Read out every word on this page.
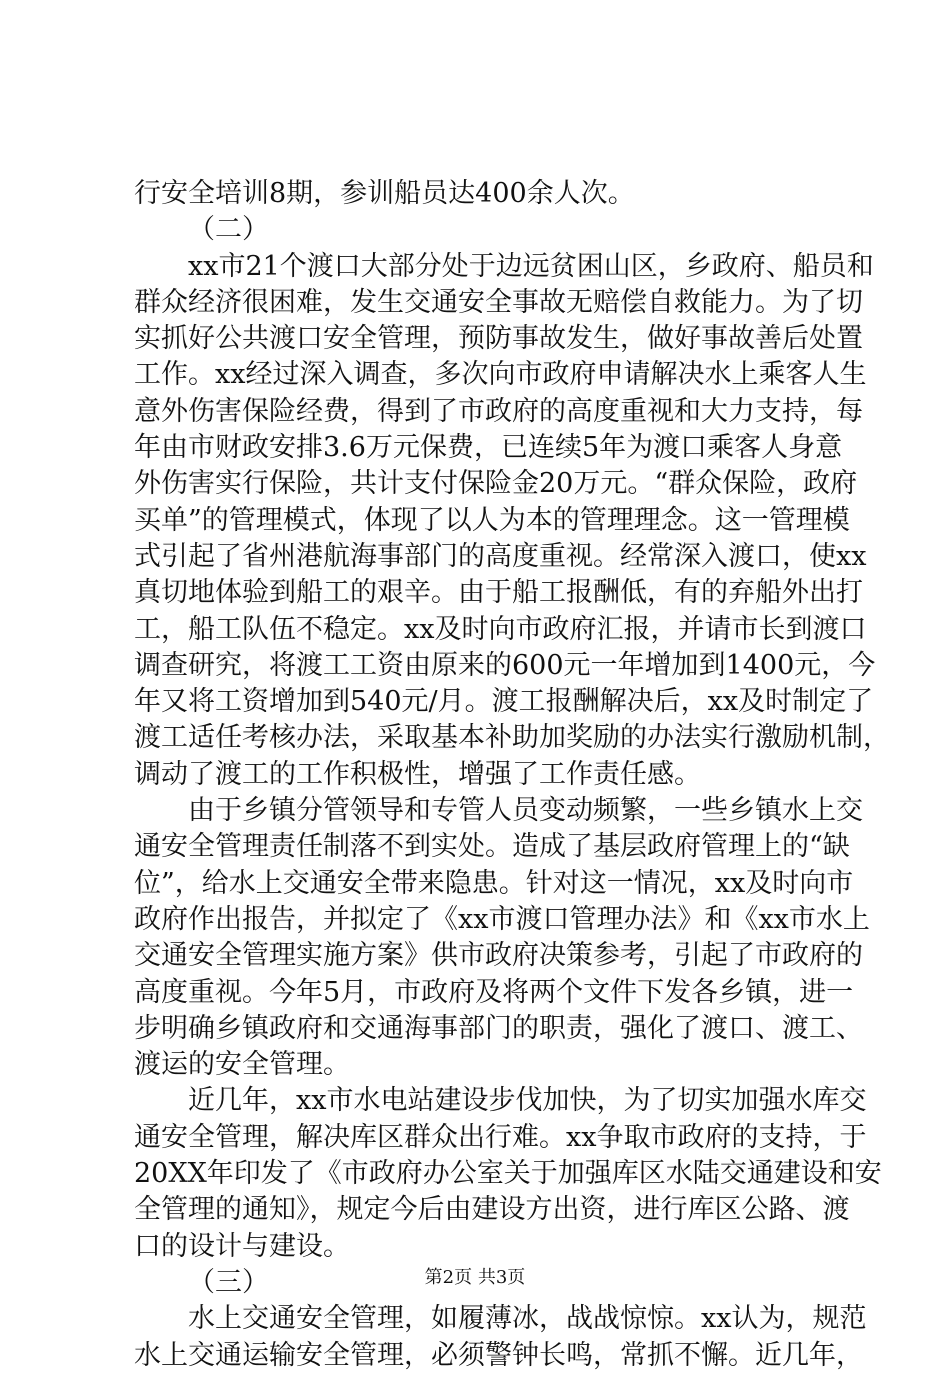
行安全培训8期，参训船员达400余人次。
（二）
xx市21个渡口大部分处于边远贫困山区，乡政府、船员和
群众经济很困难，发生交通安全事故无赔偿自救能力。为了切
实抓好公共渡口安全管理，预防事故发生，做好事故善后处置
工作。xx经过深入调查，多次向市政府申请解决水上乘客人生
意外伤害保险经费，得到了市政府的高度重视和大力支持，每
年由市财政安排3.6万元保费，已连续5年为渡口乘客人身意
外伤害实行保险，共计支付保险金20万元。“群众保险，政府
买单”的管理模式，体现了以人为本的管理理念。这一管理模
式引起了省州港航海事部门的高度重视。经常深入渡口，使xx
真切地体验到船工的艰辛。由于船工报酬低，有的弃船外出打
工，船工队伍不稳定。xx及时向市政府汇报，并请市长到渡口
调查研究，将渡工工资由原来的600元一年增加到1400元，今
年又将工资增加到540元/月。渡工报酬解决后，xx及时制定了
渡工适任考核办法，采取基本补助加奖励的办法实行激励机制，
调动了渡工的工作积极性，增强了工作责任感。
由于乡镇分管领导和专管人员变动频繁，一些乡镇水上交
通安全管理责任制落不到实处。造成了基层政府管理上的“缺
位”，给水上交通安全带来隐患。针对这一情况，xx及时向市
政府作出报告，并拟定了《xx市渡口管理办法》和《xx市水上
交通安全管理实施方案》供市政府决策参考，引起了市政府的
高度重视。今年5月，市政府及将两个文件下发各乡镇，进一
步明确乡镇政府和交通海事部门的职责，强化了渡口、渡工、
渡运的安全管理。
近几年，xx市水电站建设步伐加快，为了切实加强水库交
通安全管理，解决库区群众出行难。xx争取市政府的支持，于
20XX年印发了《市政府办公室关于加强库区水陆交通建设和安
全管理的通知》，规定今后由建设方出资，进行库区公路、渡
口的设计与建设。
（三）
水上交通安全管理，如履薄冰，战战惊惊。xx认为，规范
水上交通运输安全管理，必须警钟长鸣，常抓不懈。近几年，
第2页 共3页
